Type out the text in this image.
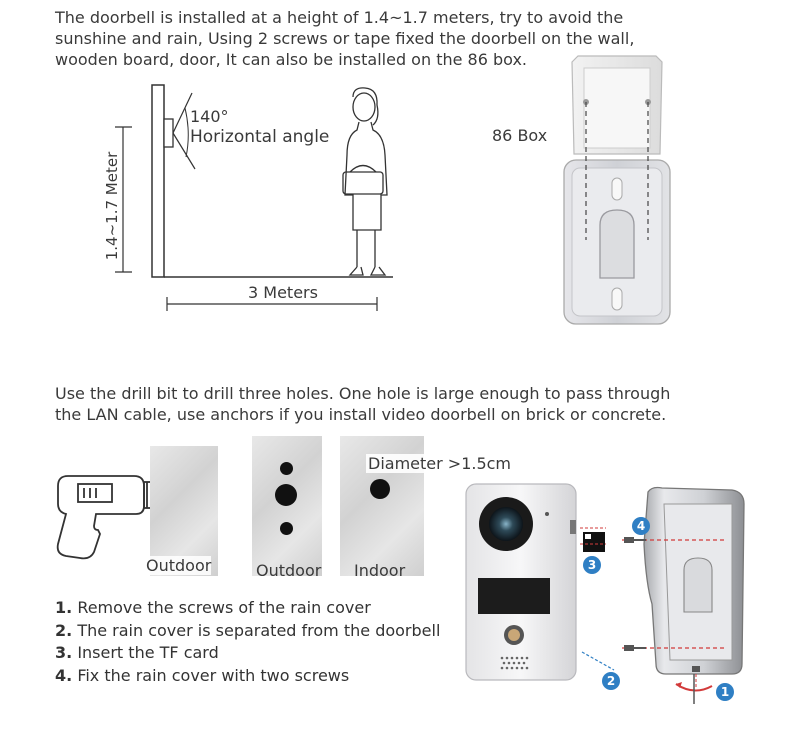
The doorbell is installed at a height of 1.4~1.7 meters, try to avoid the
sunshine and rain, Using 2 screws or tape fixed the doorbell on the wall,
wooden board, door, It can also be installed on the 86 box.
140°
Horizontal angle
1.4~1.7 Meter
3 Meters
86 Box
Use the drill bit to drill three holes. One hole is large enough to pass through
the LAN cable, use anchors if you install video doorbell on brick or concrete.
Outdoor	Outdoor Indoor
Diameter >1.5cm
1. Remove the screws of the rain cover
2. The rain cover is separated from the doorbell
3. Insert the TF card
4. Fix the rain cover with two screws
1
2
3
4
